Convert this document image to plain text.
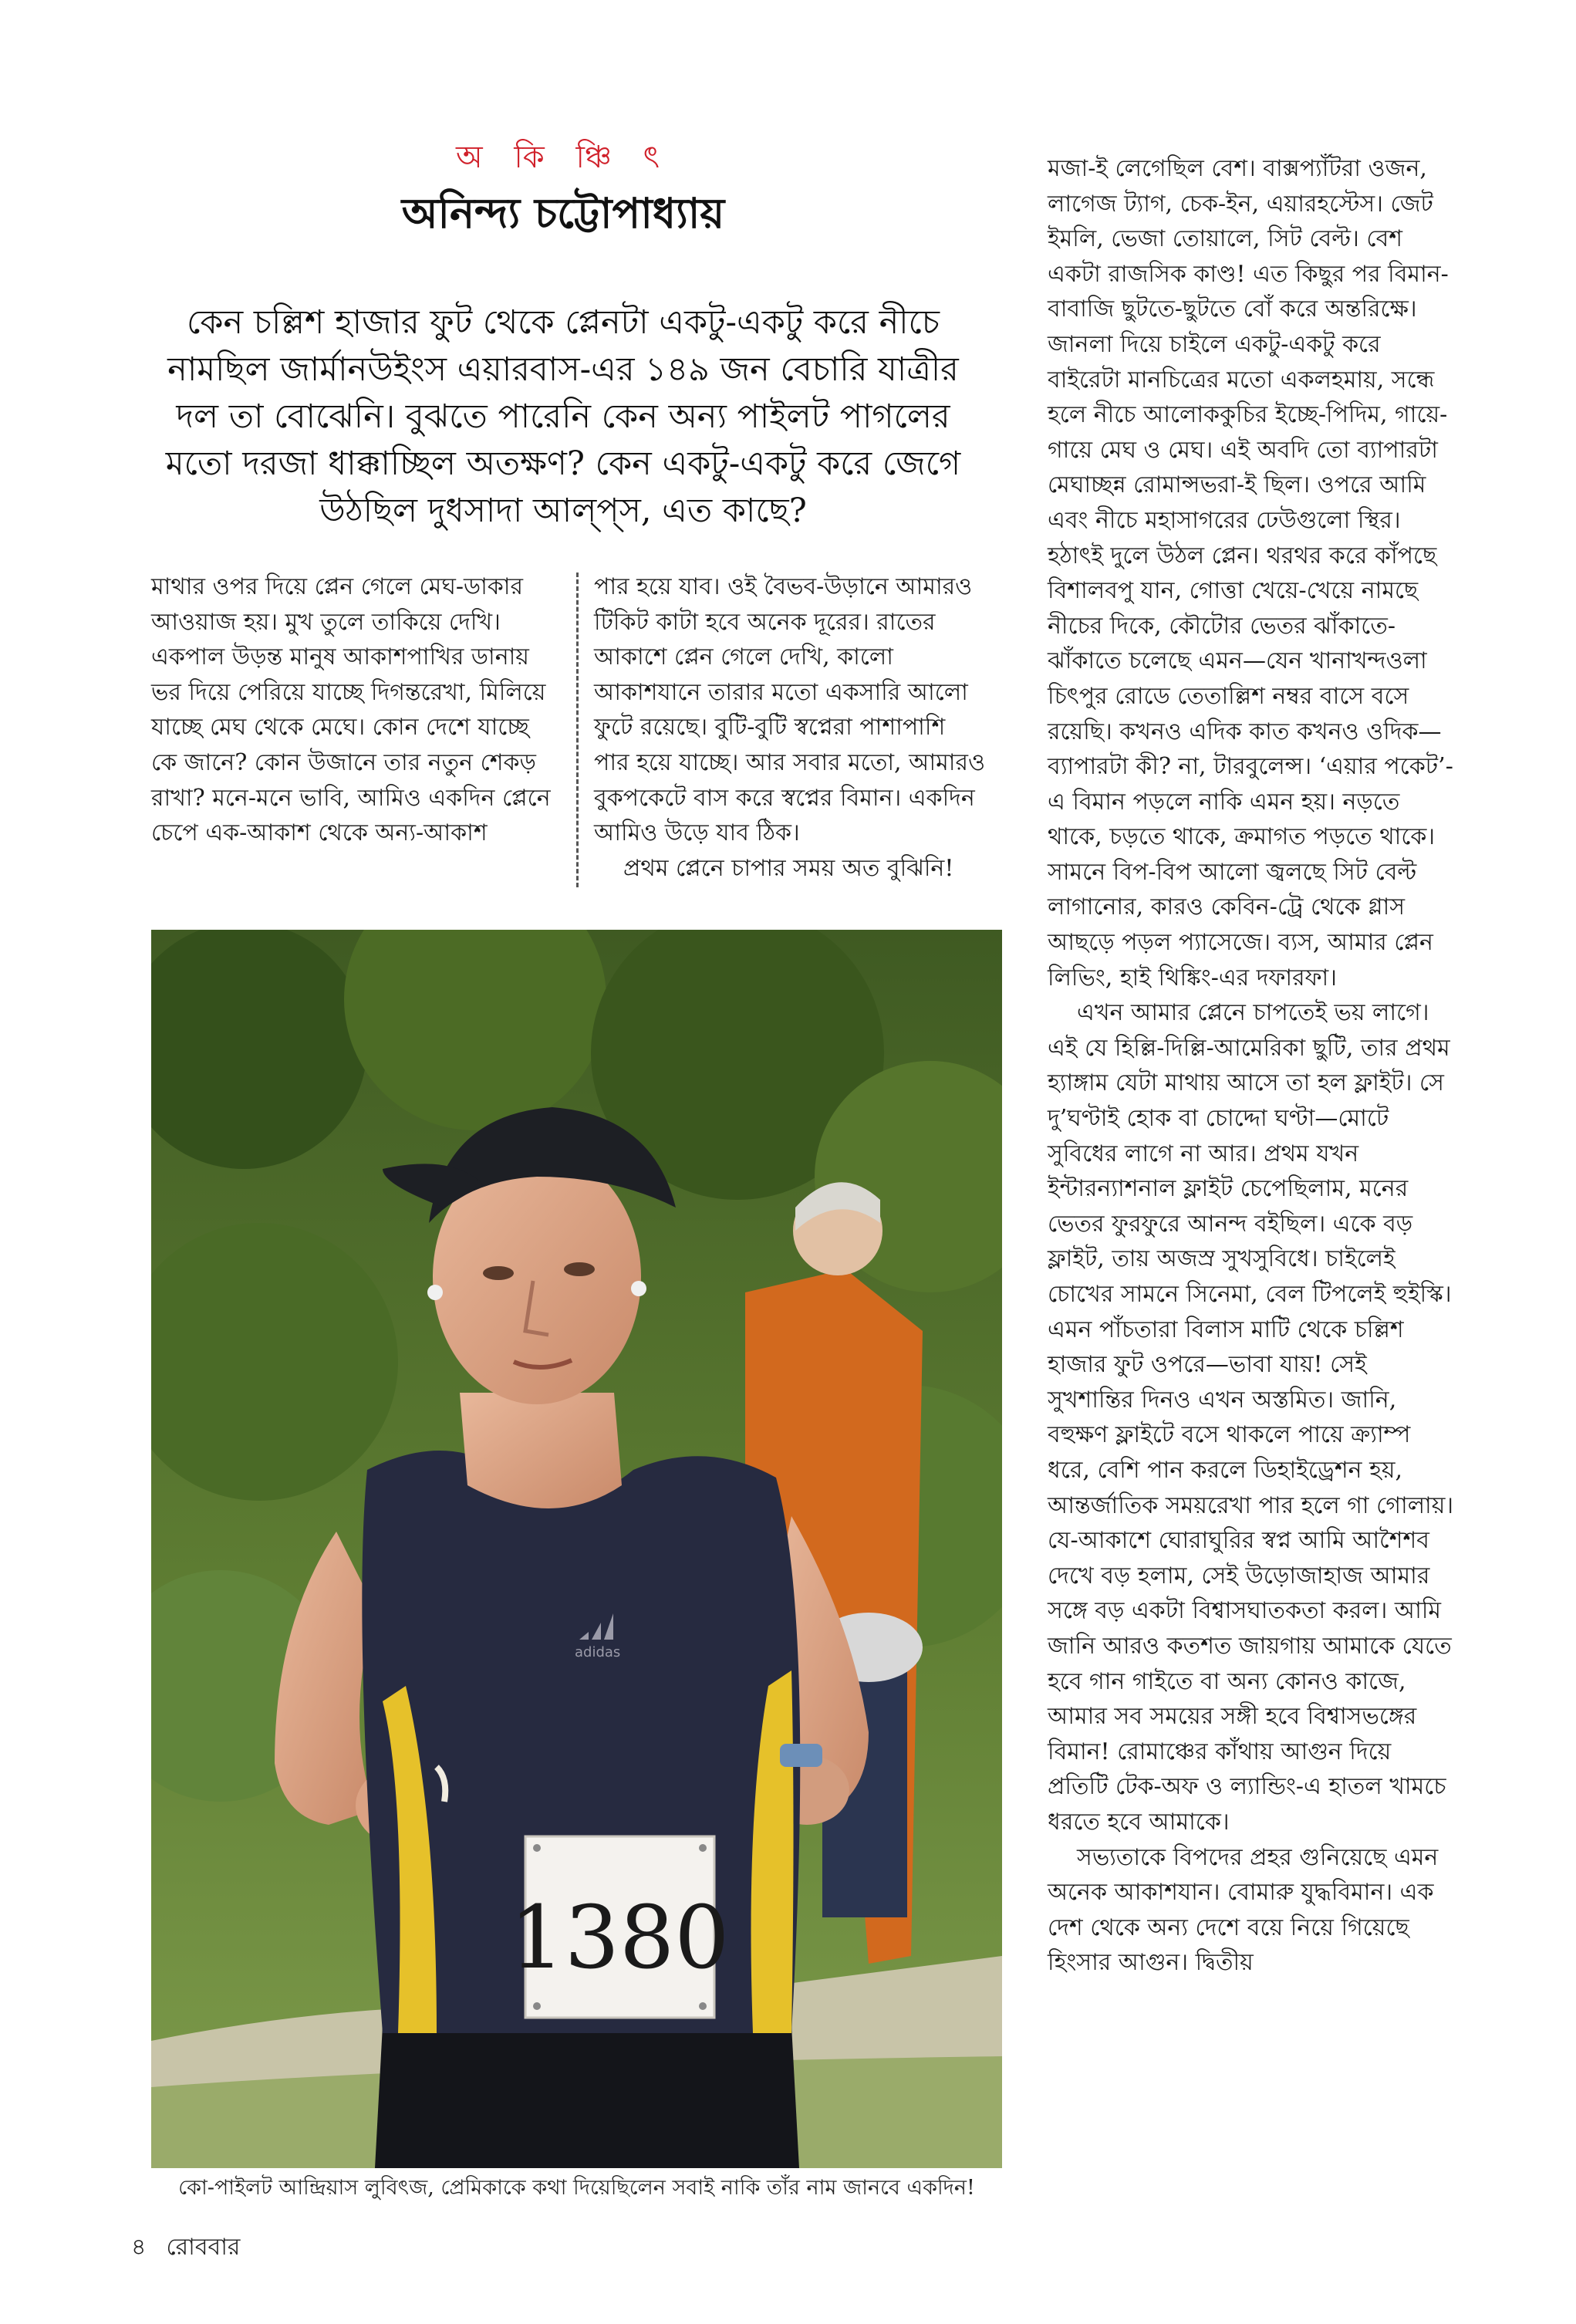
অ কি ঞ্চি ৎ
অনিন্দ্য চট্টোপাধ্যায়
কেন চল্লিশ হাজার ফুট থেকে প্লেনটা একটু-একটু করে নীচে নামছিল জার্মানউইংস এয়ারবাস-এর ১৪৯ জন বেচারি যাত্রীর দল তা বোঝেনি। বুঝতে পারেনি কেন অন্য পাইলট পাগলের মতো দরজা ধাক্কাচ্ছিল অতক্ষণ? কেন একটু-একটু করে জেগে উঠছিল দুধসাদা আল্‌প্‌স, এত কাছে?

মাথার ওপর দিয়ে প্লেন গেলে মেঘ-ডাকার আওয়াজ হয়। মুখ তুলে তাকিয়ে দেখি। একপাল উড়ন্ত মানুষ আকাশপাখির ডানায় ভর দিয়ে পেরিয়ে যাচ্ছে দিগন্তরেখা, মিলিয়ে যাচ্ছে মেঘ থেকে মেঘে। কোন দেশে যাচ্ছে কে জানে? কোন উজানে তার নতুন শেকড় রাখা? মনে-মনে ভাবি, আমিও একদিন প্লেনে চেপে এক-আকাশ থেকে অন্য-আকাশ

পার হয়ে যাব। ওই বৈভব-উড়ানে আমারও টিকিট কাটা হবে অনেক দূরের। রাতের আকাশে প্লেন গেলে দেখি, কালো আকাশযানে তারার মতো একসারি আলো ফুটে রয়েছে। বুটি-বুটি স্বপ্নেরা পাশাপাশি পার হয়ে যাচ্ছে। আর সবার মতো, আমারও বুকপকেটে বাস করে স্বপ্নের বিমান। একদিন আমিও উড়ে যাব ঠিক।

প্রথম প্লেনে চাপার সময় অত বুঝিনি!

মজা-ই লেগেছিল বেশ। বাক্সপ্যাঁটরা ওজন, লাগেজ ট্যাগ, চেক-ইন, এয়ারহস্টেস। জেট ইমলি, ভেজা তোয়ালে, সিট বেল্ট। বেশ একটা রাজসিক কাণ্ড! এত কিছুর পর বিমান-বাবাজি ছুটতে-ছুটতে বোঁ করে অন্তরিক্ষে। জানলা দিয়ে চাইলে একটু-একটু করে বাইরেটা মানচিত্রের মতো একলহমায়, সন্ধে হলে নীচে আলোককুচির ইচ্ছে-পিদিম, গায়ে-গায়ে মেঘ ও মেঘ। এই অবদি তো ব্যাপারটা মেঘাচ্ছন্ন রোমান্সভরা-ই ছিল। ওপরে আমি এবং নীচে মহাসাগরের ঢেউগুলো স্থির। হঠাৎই দুলে উঠল প্লেন। থরথর করে কাঁপছে বিশালবপু যান, গোত্তা খেয়ে-খেয়ে নামছে নীচের দিকে, কৌটোর ভেতর ঝাঁকাতে-ঝাঁকাতে চলেছে এমন—যেন খানাখন্দওলা চিৎপুর রোডে তেতাল্লিশ নম্বর বাসে বসে রয়েছি। কখনও এদিক কাত কখনও ওদিক—ব্যাপারটা কী? না, টারবুলেন্স। ‘এয়ার পকেট’-এ বিমান পড়লে নাকি এমন হয়। নড়তে থাকে, চড়তে থাকে, ক্রমাগত পড়তে থাকে। সামনে বিপ-বিপ আলো জ্বলছে সিট বেল্ট লাগানোর, কারও কেবিন-ট্রে থেকে গ্লাস আছড়ে পড়ল প্যাসেজে। ব্যস, আমার প্লেন লিভিং, হাই থিঙ্কিং-এর দফারফা।

এখন আমার প্লেনে চাপতেই ভয় লাগে। এই যে হিল্লি-দিল্লি-আমেরিকা ছুটি, তার প্রথম হ্যাঙ্গাম যেটা মাথায় আসে তা হল ফ্লাইট। সে দু’ঘণ্টাই হোক বা চোদ্দো ঘণ্টা—মোটে সুবিধের লাগে না আর। প্রথম যখন ইন্টারন্যাশনাল ফ্লাইট চেপেছিলাম, মনের ভেতর ফুরফুরে আনন্দ বইছিল। একে বড় ফ্লাইট, তায় অজস্র সুখসুবিধে। চাইলেই চোখের সামনে সিনেমা, বেল টিপলেই হুইস্কি। এমন পাঁচতারা বিলাস মাটি থেকে চল্লিশ হাজার ফুট ওপরে—ভাবা যায়! সেই সুখশান্তির দিনও এখন অস্তমিত। জানি, বহুক্ষণ ফ্লাইটে বসে থাকলে পায়ে ক্র্যাম্প ধরে, বেশি পান করলে ডিহাইড্রেশন হয়, আন্তর্জাতিক সময়রেখা পার হলে গা গোলায়। যে-আকাশে ঘোরাঘুরির স্বপ্ন আমি আশৈশব দেখে বড় হলাম, সেই উড়োজাহাজ আমার সঙ্গে বড় একটা বিশ্বাসঘাতকতা করল। আমি জানি আরও কতশত জায়গায় আমাকে যেতে হবে গান গাইতে বা অন্য কোনও কাজে, আমার সব সময়ের সঙ্গী হবে বিশ্বাসভঙ্গের বিমান! রোমাঞ্চের কাঁথায় আগুন দিয়ে প্রতিটি টেক-অফ ও ল্যান্ডিং-এ হাতল খামচে ধরতে হবে আমাকে।

সভ্যতাকে বিপদের প্রহর গুনিয়েছে এমন অনেক আকাশযান। বোমারু যুদ্ধবিমান। এক দেশ থেকে অন্য দেশে বয়ে নিয়ে গিয়েছে হিংসার আগুন। দ্বিতীয়

adidas
1380
কো-পাইলট আন্দ্রিয়াস লুবিৎজ, প্রেমিকাকে কথা দিয়েছিলেন সবাই নাকি তাঁর নাম জানবে একদিন!
৪ রোববার
